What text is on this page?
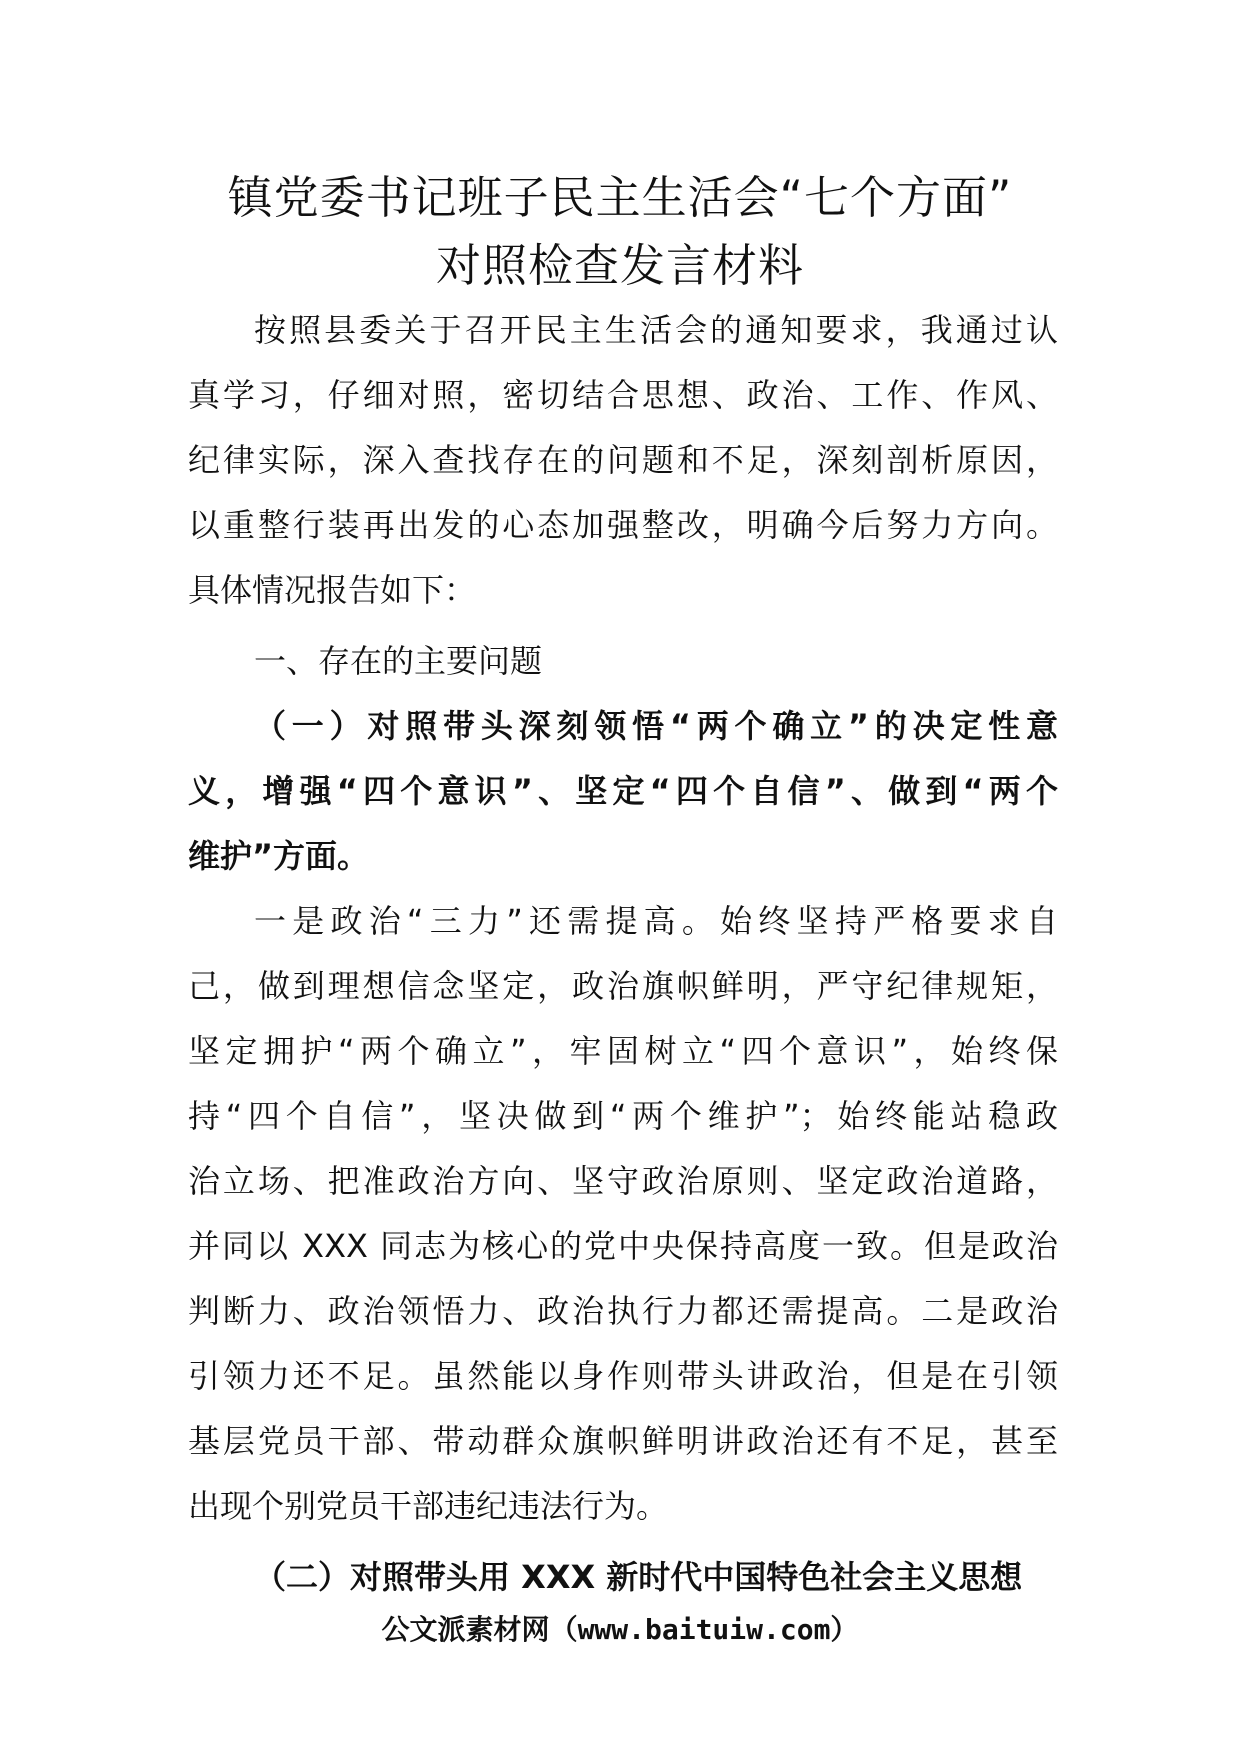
镇党委书记班子民主生活会“七个方面”
对照检查发言材料
按照县委关于召开民主生活会的通知要求，我通过认
真学习，仔细对照，密切结合思想、政治、工作、作风、
纪律实际，深入查找存在的问题和不足，深刻剖析原因，
以重整行装再出发的心态加强整改，明确今后努力方向。
具体情况报告如下：
一、存在的主要问题
（一）对照带头深刻领悟“两个确立”的决定性意
义，增强“四个意识”、坚定“四个自信”、做到“两个
维护”方面。
一是政治“三力”还需提高。始终坚持严格要求自
己，做到理想信念坚定，政治旗帜鲜明，严守纪律规矩，
坚定拥护“两个确立”，牢固树立“四个意识”，始终保
持“四个自信”，坚决做到“两个维护”；始终能站稳政
治立场、把准政治方向、坚守政治原则、坚定政治道路，
并同以 XXX 同志为核心的党中央保持高度一致。但是政治
判断力、政治领悟力、政治执行力都还需提高。二是政治
引领力还不足。虽然能以身作则带头讲政治，但是在引领
基层党员干部、带动群众旗帜鲜明讲政治还有不足，甚至
出现个别党员干部违纪违法行为。
（二）对照带头用 XXX 新时代中国特色社会主义思想
公文派素材网（www.baituiw.com）
